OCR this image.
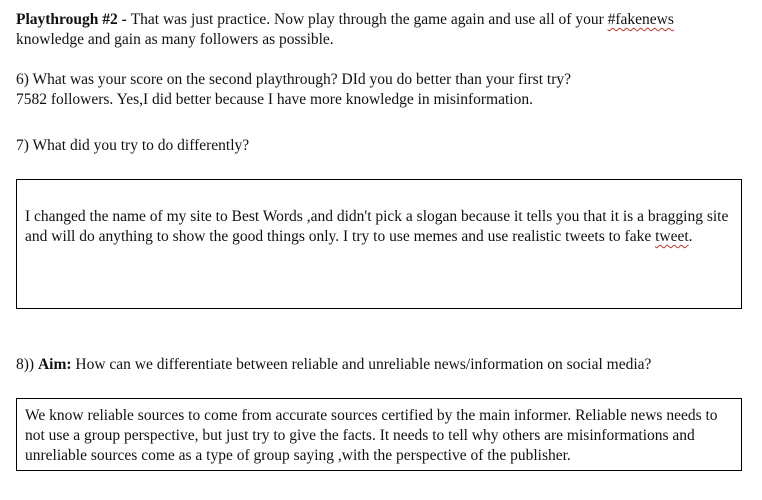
Playthrough #2 - That was just practice. Now play through the game again and use all of your #fakenews
knowledge and gain as many followers as possible.

6) What was your score on the second playthrough? DId you do better than your first try?
7582 followers. Yes,I did better because I have more knowledge in misinformation.

7) What did you try to do differently?

I changed the name of my site to Best Words ,and didn't pick a slogan because it tells you that it is a bragging site and will do anything to show the good things only. I try to use memes and use realistic tweets to fake tweet.

8)) Aim: How can we differentiate between reliable and unreliable news/information on social media?

We know reliable sources to come from accurate sources certified by the main informer. Reliable news needs to not use a group perspective, but just try to give the facts. It needs to tell why others are misinformations and unreliable sources come as a type of group saying ,with the perspective of the publisher.
